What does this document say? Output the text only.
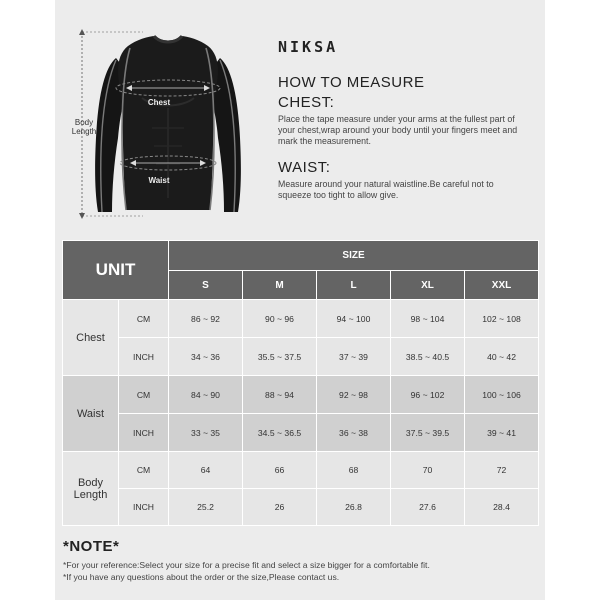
Chest
Waist
Body
Length
NIKSA
HOW TO MEASURE
CHEST:
Place the tape measure under your arms at the fullest part of your chest,wrap around your body until your fingers meet and mark the measurement.
WAIST:
Measure around your natural waistline.Be careful not to squeeze too tight to allow give.
UNIT		SIZE				
		S	M	L	XL	XXL
Chest	CM	86 ~ 92	90 ~ 96	94 ~ 100	98 ~ 104	102 ~ 108
	INCH	34 ~ 36	35.5 ~ 37.5	37 ~ 39	38.5 ~ 40.5	40 ~ 42
Waist	CM	84 ~ 90	88 ~ 94	92 ~ 98	96 ~ 102	100 ~ 106
	INCH	33 ~ 35	34.5 ~ 36.5	36 ~ 38	37.5 ~ 39.5	39 ~ 41
Body
Length	CM	64	66	68	70	72
	INCH	25.2	26	26.8	27.6	28.4
*NOTE*
*For your reference:Select your size for a precise fit and select a size bigger for a comfortable fit.
*If you have any questions about the order or the size,Please contact us.
